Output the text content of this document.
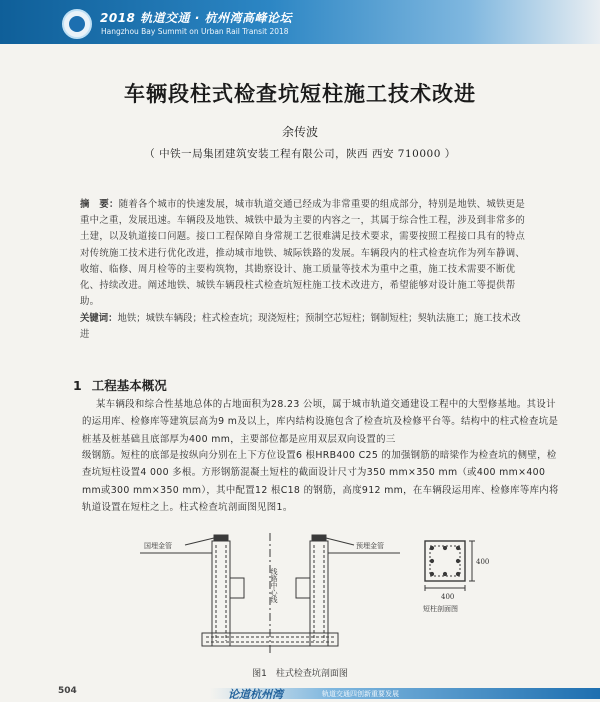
2018 轨道交通 · 杭州湾高峰论坛
Hangzhou Bay Summit on Urban Rail Transit 2018
车辆段柱式检查坑短柱施工技术改进
余传波
（ 中铁一局集团建筑安装工程有限公司，陕西 西安 710000 ）
摘　要：随着各个城市的快速发展，城市轨道交通已经成为非常重要的组成部分，特别是地铁、城铁更是重中之重，发展迅速。车辆段及地铁、城铁中最为主要的内容之一，其属于综合性工程，涉及到非常多的土建，以及轨道接口问题。接口工程保障自身常规工艺很难满足技术要求，需要按照工程接口具有的特点对传统施工技术进行优化改进，推动城市地铁、城际铁路的发展。车辆段内的柱式检查坑作为列车静调、收缩、临修、周月检等的主要构筑物，其勘察设计、施工质量等技术为重中之重，施工技术需要不断优化、持续改进。阐述地铁、城铁车辆段柱式检查坑短柱施工技术改进方，希望能够对设计施工等提供帮助。
关键词：地铁；城铁车辆段；柱式检查坑；现浇短柱；预制空芯短柱；钢制短柱；契轨法施工；施工技术改进
1 工程基本概况
某车辆段和综合性基地总体的占地面积为28.23 公顷，属于城市轨道交通建设工程中的大型修基地。其设计的运用库、检修库等建筑层高为9 m及以上，库内结构设施包含了检查坑及检修平台等。结构中的柱式检查坑是桩基及桩基础且底部厚为400 mm，主要部位都是应用双层双向设置的三
级钢筋。短柱的底部是按纵向分别在上下方位设置6 根HRB400 C25 的加强钢筋的暗梁作为检查坑的侧壁，检查坑短柱设置4 000 多根。方形钢筋混凝土短柱的截面设计尺寸为350 mm×350 mm（或400 mm×400 mm或300 mm×350 mm），其中配置12 根C18 的钢筋，高度912 mm，在车辆段运用库、检修库等库内将轨道设置在短柱之上。柱式检查坑剖面图见图1。
国埋金管	预埋金管
400
400
短柱剖面图
线路中心线
图1　柱式检查坑剖面图
504	论道杭州湾	轨道交通四创新重要发展
